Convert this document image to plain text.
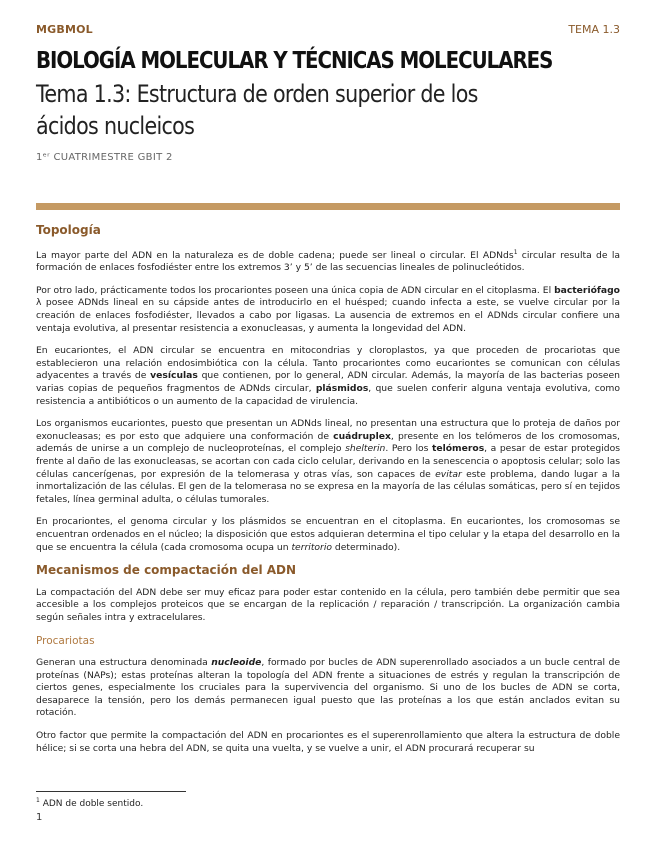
MGBMOL	TEMA 1.3
BIOLOGÍA MOLECULAR Y TÉCNICAS MOLECULARES
Tema 1.3: Estructura de orden superior de los ácidos nucleicos
1ᵉʳ CUATRIMESTRE GBIT 2
Topología

La mayor parte del ADN en la naturaleza es de doble cadena; puede ser lineal o circular. El ADNds$^1$ circular resulta de la formación de enlaces fosfodiéster entre los extremos 3’ y 5’ de las secuencias lineales de polinucleótidos.

Por otro lado, prácticamente todos los procariontes poseen una única copia de ADN circular en el citoplasma. El bacteriófago λ posee ADNds lineal en su cápside antes de introducirlo en el huésped; cuando infecta a este, se vuelve circular por la creación de enlaces fosfodiéster, llevados a cabo por ligasas. La ausencia de extremos en el ADNds circular confiere una ventaja evolutiva, al presentar resistencia a exonucleasas, y aumenta la longevidad del ADN.

En eucariontes, el ADN circular se encuentra en mitocondrias y cloroplastos, ya que proceden de procariotas que establecieron una relación endosimbiótica con la célula. Tanto procariontes como eucariontes se comunican con células adyacentes a través de vesículas que contienen, por lo general, ADN circular. Además, la mayoría de las bacterias poseen varias copias de pequeños fragmentos de ADNds circular, plásmidos, que suelen conferir alguna ventaja evolutiva, como resistencia a antibióticos o un aumento de la capacidad de virulencia.

Los organismos eucariontes, puesto que presentan un ADNds lineal, no presentan una estructura que lo proteja de daños por exonucleasas; es por esto que adquiere una conformación de cuádruplex, presente en los telómeros de los cromosomas, además de unirse a un complejo de nucleoproteínas, el complejo shelterin. Pero los telómeros, a pesar de estar protegidos frente al daño de las exonucleasas, se acortan con cada ciclo celular, derivando en la senescencia o apoptosis celular; solo las células cancerígenas, por expresión de la telomerasa y otras vías, son capaces de evitar este problema, dando lugar a la inmortalización de las células. El gen de la telomerasa no se expresa en la mayoría de las células somáticas, pero sí en tejidos fetales, línea germinal adulta, o células tumorales.

En procariontes, el genoma circular y los plásmidos se encuentran en el citoplasma. En eucariontes, los cromosomas se encuentran ordenados en el núcleo; la disposición que estos adquieran determina el tipo celular y la etapa del desarrollo en la que se encuentra la célula (cada cromosoma ocupa un territorio determinado).

Mecanismos de compactación del ADN

La compactación del ADN debe ser muy eficaz para poder estar contenido en la célula, pero también debe permitir que sea accesible a los complejos proteicos que se encargan de la replicación / reparación / transcripción. La organización cambia según señales intra y extracelulares.

Procariotas

Generan una estructura denominada nucleoide, formado por bucles de ADN superenrollado asociados a un bucle central de proteínas (NAPs); estas proteínas alteran la topología del ADN frente a situaciones de estrés y regulan la transcripción de ciertos genes, especialmente los cruciales para la supervivencia del organismo. Si uno de los bucles de ADN se corta, desaparece la tensión, pero los demás permanecen igual puesto que las proteínas a los que están anclados evitan su rotación.

Otro factor que permite la compactación del ADN en procariontes es el superenrollamiento que altera la estructura de doble hélice; si se corta una hebra del ADN, se quita una vuelta, y se vuelve a unir, el ADN procurará recuperar su

$^1$ ADN de doble sentido.
1
